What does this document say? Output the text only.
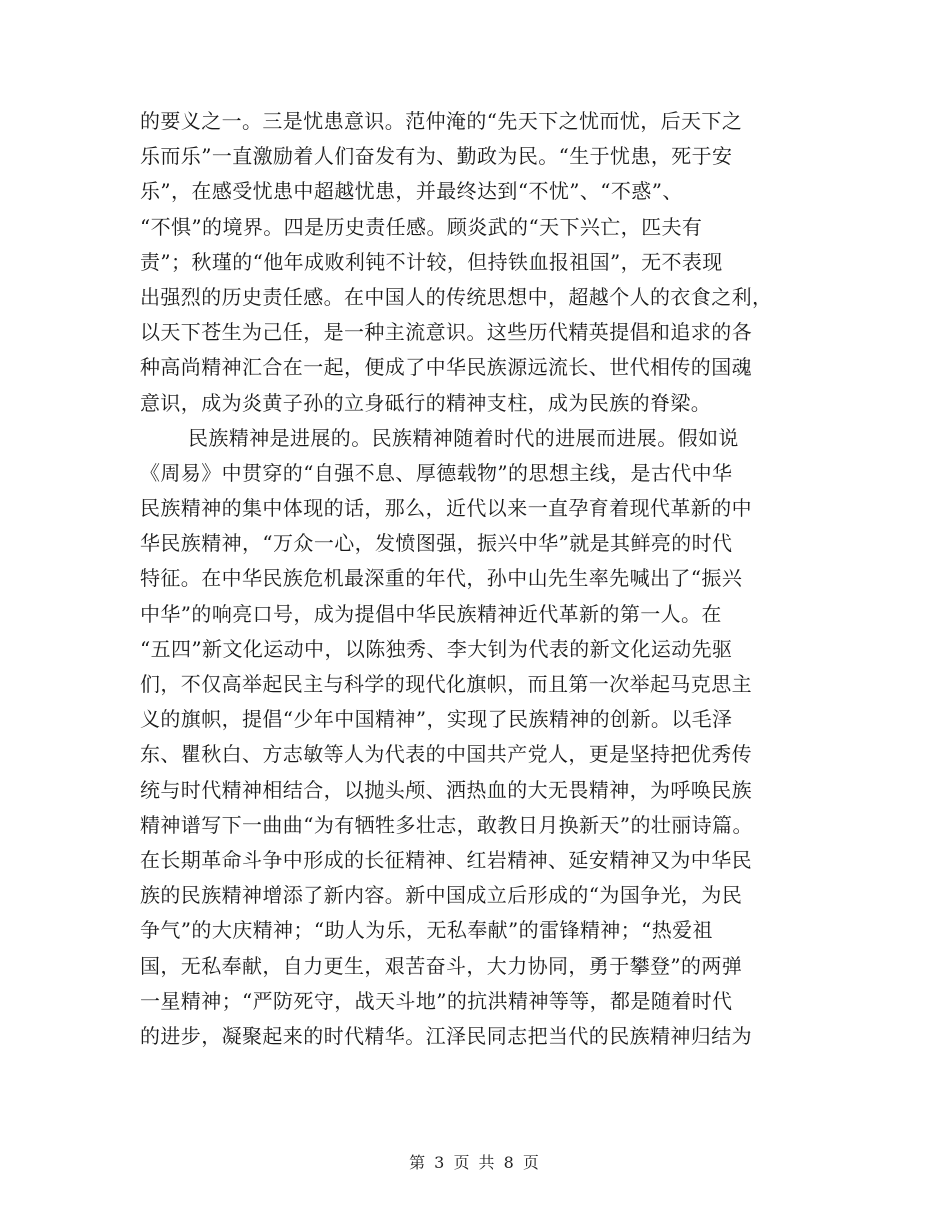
的要义之一。三是忧患意识。范仲淹的“先天下之忧而忧，后天下之
乐而乐”一直激励着人们奋发有为、勤政为民。“生于忧患，死于安
乐”，在感受忧患中超越忧患，并最终达到“不忧”、“不惑”、
“不惧”的境界。四是历史责任感。顾炎武的“天下兴亡，匹夫有
责”；秋瑾的“他年成败利钝不计较，但持铁血报祖国”，无不表现
出强烈的历史责任感。在中国人的传统思想中，超越个人的衣食之利，
以天下苍生为己任，是一种主流意识。这些历代精英提倡和追求的各
种高尚精神汇合在一起，便成了中华民族源远流长、世代相传的国魂
意识，成为炎黄子孙的立身砥行的精神支柱，成为民族的脊梁。
民族精神是进展的。民族精神随着时代的进展而进展。假如说
《周易》中贯穿的“自强不息、厚德载物”的思想主线，是古代中华
民族精神的集中体现的话，那么，近代以来一直孕育着现代革新的中
华民族精神，“万众一心，发愤图强，振兴中华”就是其鲜亮的时代
特征。在中华民族危机最深重的年代，孙中山先生率先喊出了“振兴
中华”的响亮口号，成为提倡中华民族精神近代革新的第一人。在
“五四”新文化运动中，以陈独秀、李大钊为代表的新文化运动先驱
们，不仅高举起民主与科学的现代化旗帜，而且第一次举起马克思主
义的旗帜，提倡“少年中国精神”，实现了民族精神的创新。以毛泽
东、瞿秋白、方志敏等人为代表的中国共产党人，更是坚持把优秀传
统与时代精神相结合，以抛头颅、洒热血的大无畏精神，为呼唤民族
精神谱写下一曲曲“为有牺牲多壮志，敢教日月换新天”的壮丽诗篇。
在长期革命斗争中形成的长征精神、红岩精神、延安精神又为中华民
族的民族精神增添了新内容。新中国成立后形成的“为国争光，为民
争气”的大庆精神；“助人为乐，无私奉献”的雷锋精神；“热爱祖
国，无私奉献，自力更生，艰苦奋斗，大力协同，勇于攀登”的两弹
一星精神；“严防死守，战天斗地”的抗洪精神等等，都是随着时代
的进步，凝聚起来的时代精华。江泽民同志把当代的民族精神归结为
第 3 页 共 8 页
